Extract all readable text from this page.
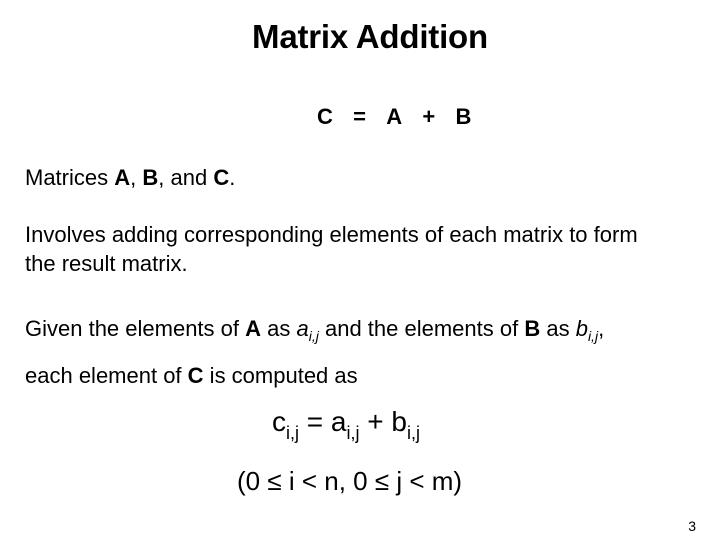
Matrix Addition
C = A + B
Matrices A, B, and C.
Involves adding corresponding elements of each matrix to form
the result matrix.
Given the elements of A as $a_{i,j}$ and the elements of B as $b_{i,j}$,
each element of C is computed as
$c_{i,j} = a_{i,j} + b_{i,j}$
(0 ≤ i < n, 0 ≤ j < m)
3
